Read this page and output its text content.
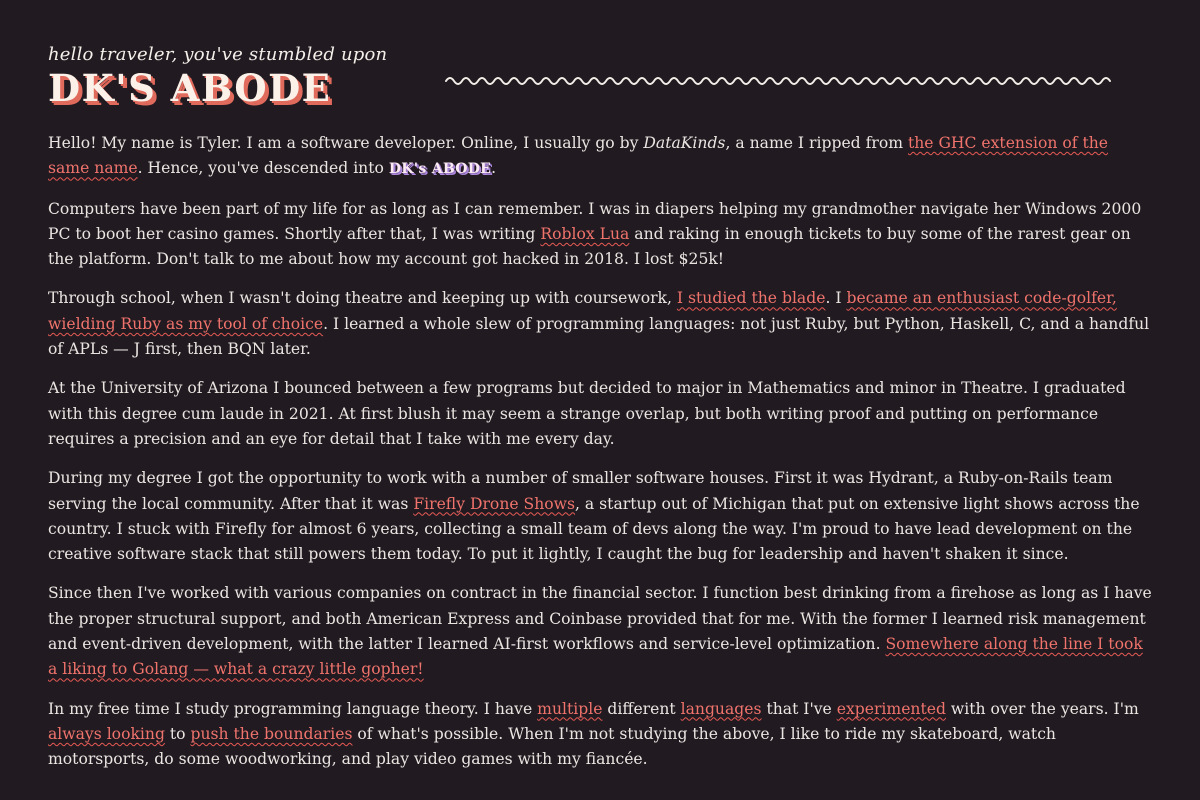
hello traveler, you've stumbled upon
DK'S ABODE

Hello! My name is Tyler. I am a software developer. Online, I usually go by DataKinds, a name I ripped from the GHC extension of the same name. Hence, you've descended into DK's ABODE.

Computers have been part of my life for as long as I can remember. I was in diapers helping my grandmother navigate her Windows 2000 PC to boot her casino games. Shortly after that, I was writing Roblox Lua and raking in enough tickets to buy some of the rarest gear on the platform. Don't talk to me about how my account got hacked in 2018. I lost $25k!

Through school, when I wasn't doing theatre and keeping up with coursework, I studied the blade. I became an enthusiast code-golfer, wielding Ruby as my tool of choice. I learned a whole slew of programming languages: not just Ruby, but Python, Haskell, C, and a handful of APLs — J first, then BQN later.

At the University of Arizona I bounced between a few programs but decided to major in Mathematics and minor in Theatre. I graduated with this degree cum laude in 2021. At first blush it may seem a strange overlap, but both writing proof and putting on performance requires a precision and an eye for detail that I take with me every day.

During my degree I got the opportunity to work with a number of smaller software houses. First it was Hydrant, a Ruby-on-Rails team serving the local community. After that it was Firefly Drone Shows, a startup out of Michigan that put on extensive light shows across the country. I stuck with Firefly for almost 6 years, collecting a small team of devs along the way. I'm proud to have lead development on the creative software stack that still powers them today. To put it lightly, I caught the bug for leadership and haven't shaken it since.

Since then I've worked with various companies on contract in the financial sector. I function best drinking from a firehose as long as I have the proper structural support, and both American Express and Coinbase provided that for me. With the former I learned risk management and event-driven development, with the latter I learned AI-first workflows and service-level optimization. Somewhere along the line I took a liking to Golang — what a crazy little gopher!

In my free time I study programming language theory. I have multiple different languages that I've experimented with over the years. I'm always looking to push the boundaries of what's possible. When I'm not studying the above, I like to ride my skateboard, watch motorsports, do some woodworking, and play video games with my fiancée.
